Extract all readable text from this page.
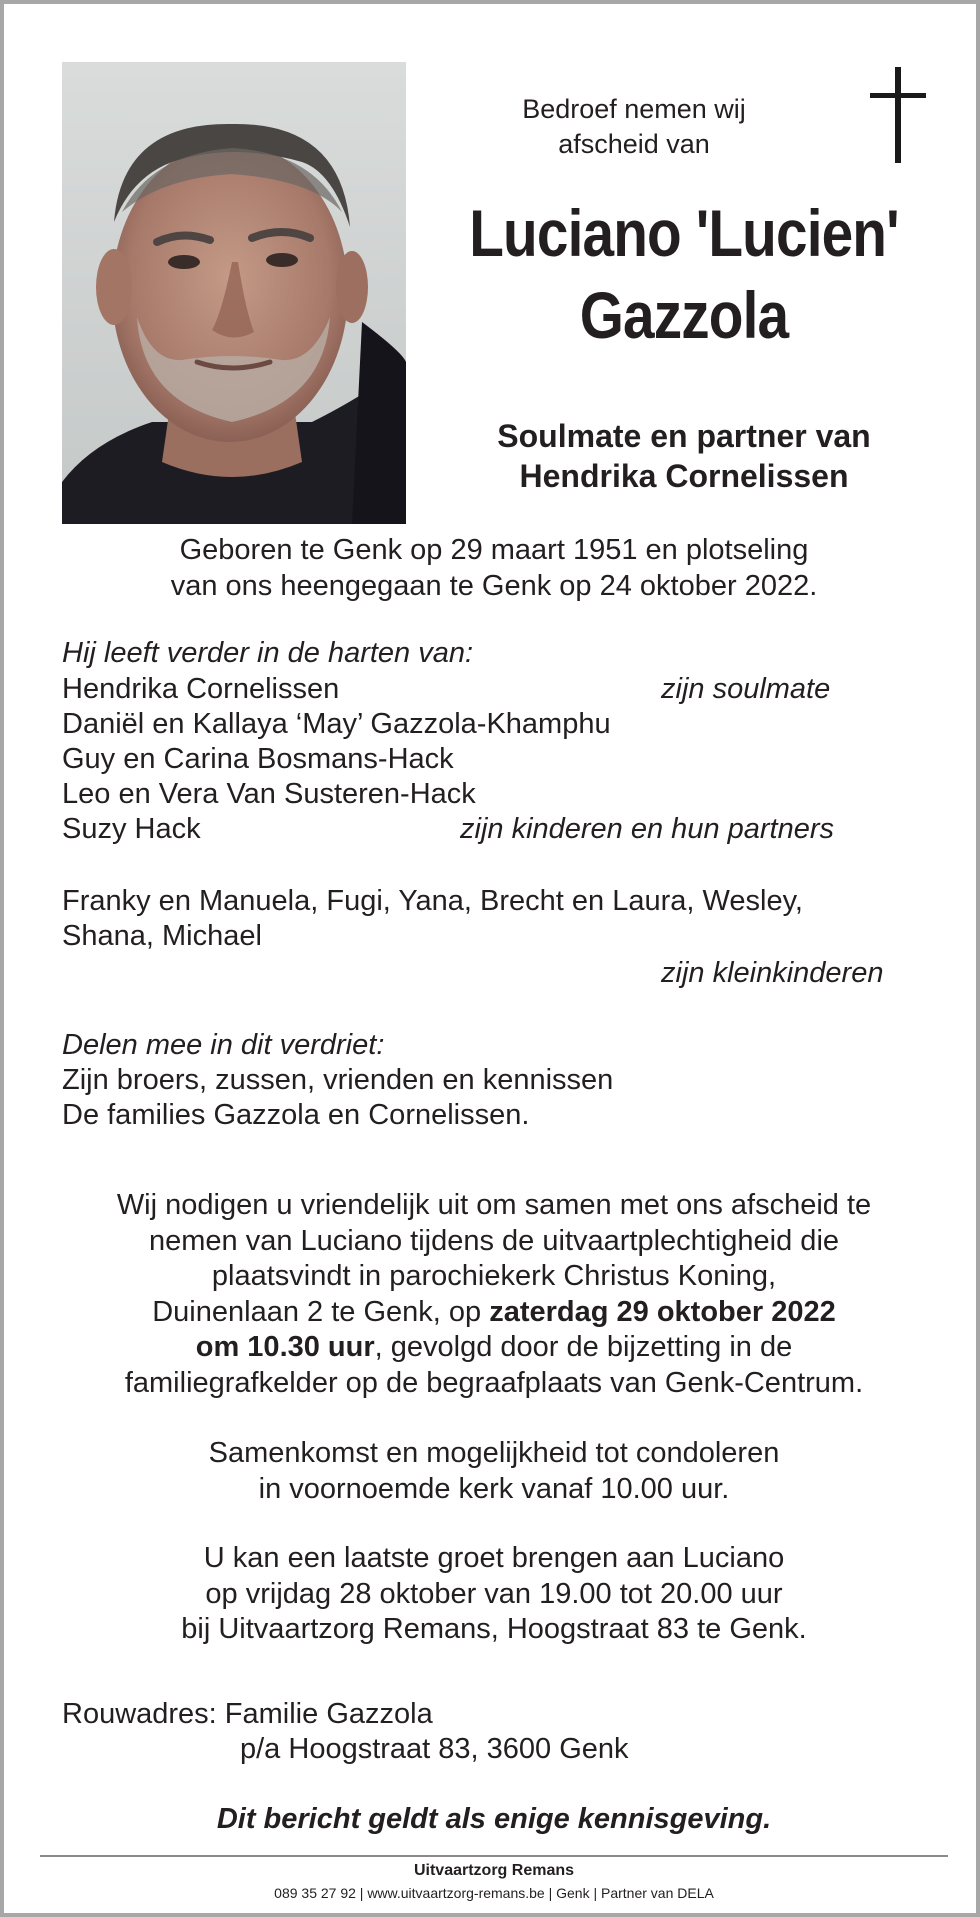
Bedroef nemen wij
afscheid van
Luciano 'Lucien'
Gazzola
Soulmate en partner van
Hendrika Cornelissen
Geboren te Genk op 29 maart 1951 en plotseling
van ons heengegaan te Genk op 24 oktober 2022.
Hij leeft verder in de harten van:
Hendrika Cornelissen
Daniël en Kallaya ‘May’ Gazzola-Khamphu
Guy en Carina Bosmans-Hack
Leo en Vera Van Susteren-Hack
Suzy Hack
zijn soulmate
zijn kinderen en hun partners
Franky en Manuela, Fugi, Yana, Brecht en Laura, Wesley,
Shana, Michael
zijn kleinkinderen
Delen mee in dit verdriet:
Zijn broers, zussen, vrienden en kennissen
De families Gazzola en Cornelissen.
Wij nodigen u vriendelijk uit om samen met ons afscheid te
nemen van Luciano tijdens de uitvaartplechtigheid die
plaatsvindt in parochiekerk Christus Koning,
Duinenlaan 2 te Genk, op zaterdag 29 oktober 2022
om 10.30 uur, gevolgd door de bijzetting in de
familiegrafkelder op de begraafplaats van Genk-Centrum.
Samenkomst en mogelijkheid tot condoleren
in voornoemde kerk vanaf 10.00 uur.
U kan een laatste groet brengen aan Luciano
op vrijdag 28 oktober van 19.00 tot 20.00 uur
bij Uitvaartzorg Remans, Hoogstraat 83 te Genk.
Rouwadres: Familie Gazzola
p/a Hoogstraat 83, 3600 Genk
Dit bericht geldt als enige kennisgeving.
Uitvaartzorg Remans
089 35 27 92 | www.uitvaartzorg-remans.be | Genk | Partner van DELA
